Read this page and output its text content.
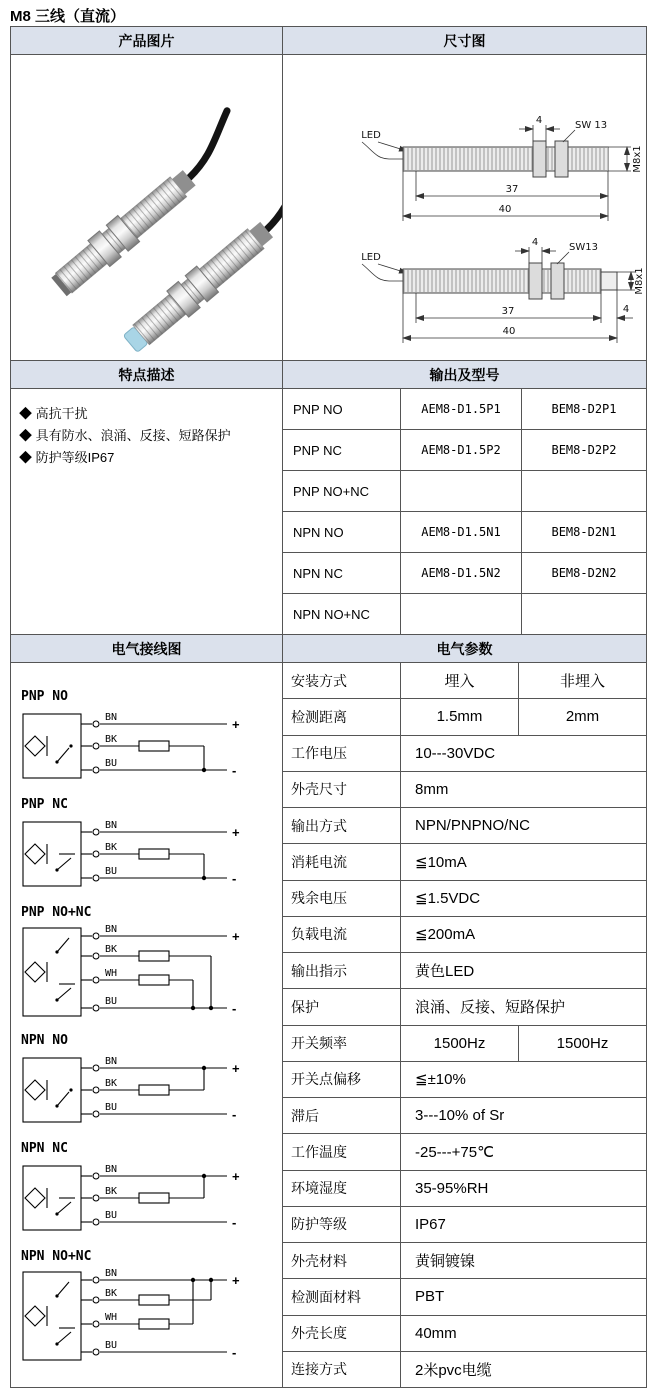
M8 三线（直流）
产品图片	尺寸图
LED
4	SW 13
M8x1
37
40
LED
4	SW13
M8x1
37	4
40
特点描述	输出及型号
◆ 高抗干扰
◆ 具有防水、浪涌、反接、短路保护
◆ 防护等级IP67
PNP NO	AEM8-D1.5P1	BEM8-D2P1
PNP NC	AEM8-D1.5P2	BEM8-D2P2
PNP NO+NC
NPN NO	AEM8-D1.5N1	BEM8-D2N1
NPN NC	AEM8-D1.5N2	BEM8-D2N2
NPN NO+NC
电气接线图	电气参数
PNP NO
BN
BK
BU
+
-
PNP NC
BN
BK
BU
+
-
PNP NO+NC
BN
BK
WH
BU
+
-
NPN NO
BN
BK
BU
+
-
NPN NC
BN
BK
BU
+
-
NPN NO+NC
BN
BK
WH
BU
+
-
安装方式	埋入	非埋入
检测距离	1.5mm	2mm
工作电压	10---30VDC
外壳尺寸	8mm
输出方式	NPN/PNPNO/NC
消耗电流	≦10mA
残余电压	≦1.5VDC
负载电流	≦200mA
输出指示	黄色LED
保护	浪涌、反接、短路保护
开关频率	1500Hz	1500Hz
开关点偏移	≦±10%
滞后	3---10% of Sr
工作温度	-25---+75℃
环境湿度	35-95%RH
防护等级	IP67
外壳材料	黄铜镀镍
检测面材料	PBT
外壳长度	40mm
连接方式	2米pvc电缆
